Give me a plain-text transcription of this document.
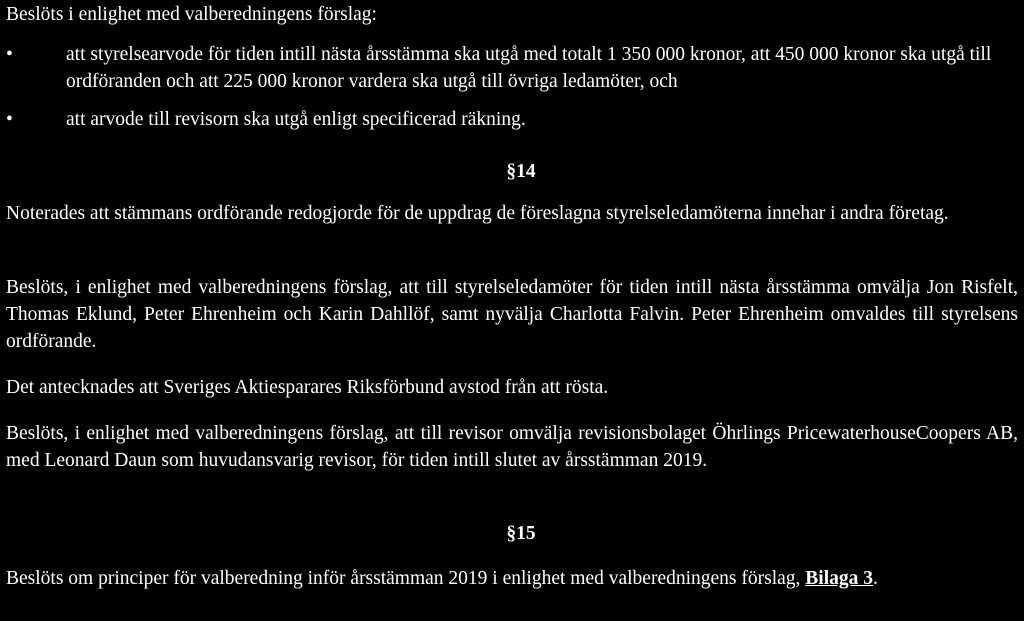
Beslöts i enlighet med valberedningens förslag:

•	att styrelsearvode för tiden intill nästa årsstämma ska utgå med totalt 1 350 000 kronor, att 450 000 kronor ska utgå till ordföranden och att 225 000 kronor vardera ska utgå till övriga ledamöter, och
•	att arvode till revisorn ska utgå enligt specificerad räkning.

§14

Noterades att stämmans ordförande redogjorde för de uppdrag de föreslagna styrelseledamöterna innehar i andra företag.

Beslöts, i enlighet med valberedningens förslag, att till styrelseledamöter för tiden intill nästa årsstämma omvälja Jon Risfelt, Thomas Eklund, Peter Ehrenheim och Karin Dahllöf, samt nyvälja Charlotta Falvin. Peter Ehrenheim omvaldes till styrelsens ordförande.

Det antecknades att Sveriges Aktiesparares Riksförbund avstod från att rösta.

Beslöts, i enlighet med valberedningens förslag, att till revisor omvälja revisionsbolaget Öhrlings PricewaterhouseCoopers AB, med Leonard Daun som huvudansvarig revisor, för tiden intill slutet av årsstämman 2019.

§15

Beslöts om principer för valberedning inför årsstämman 2019 i enlighet med valberedningens förslag, Bilaga 3.
